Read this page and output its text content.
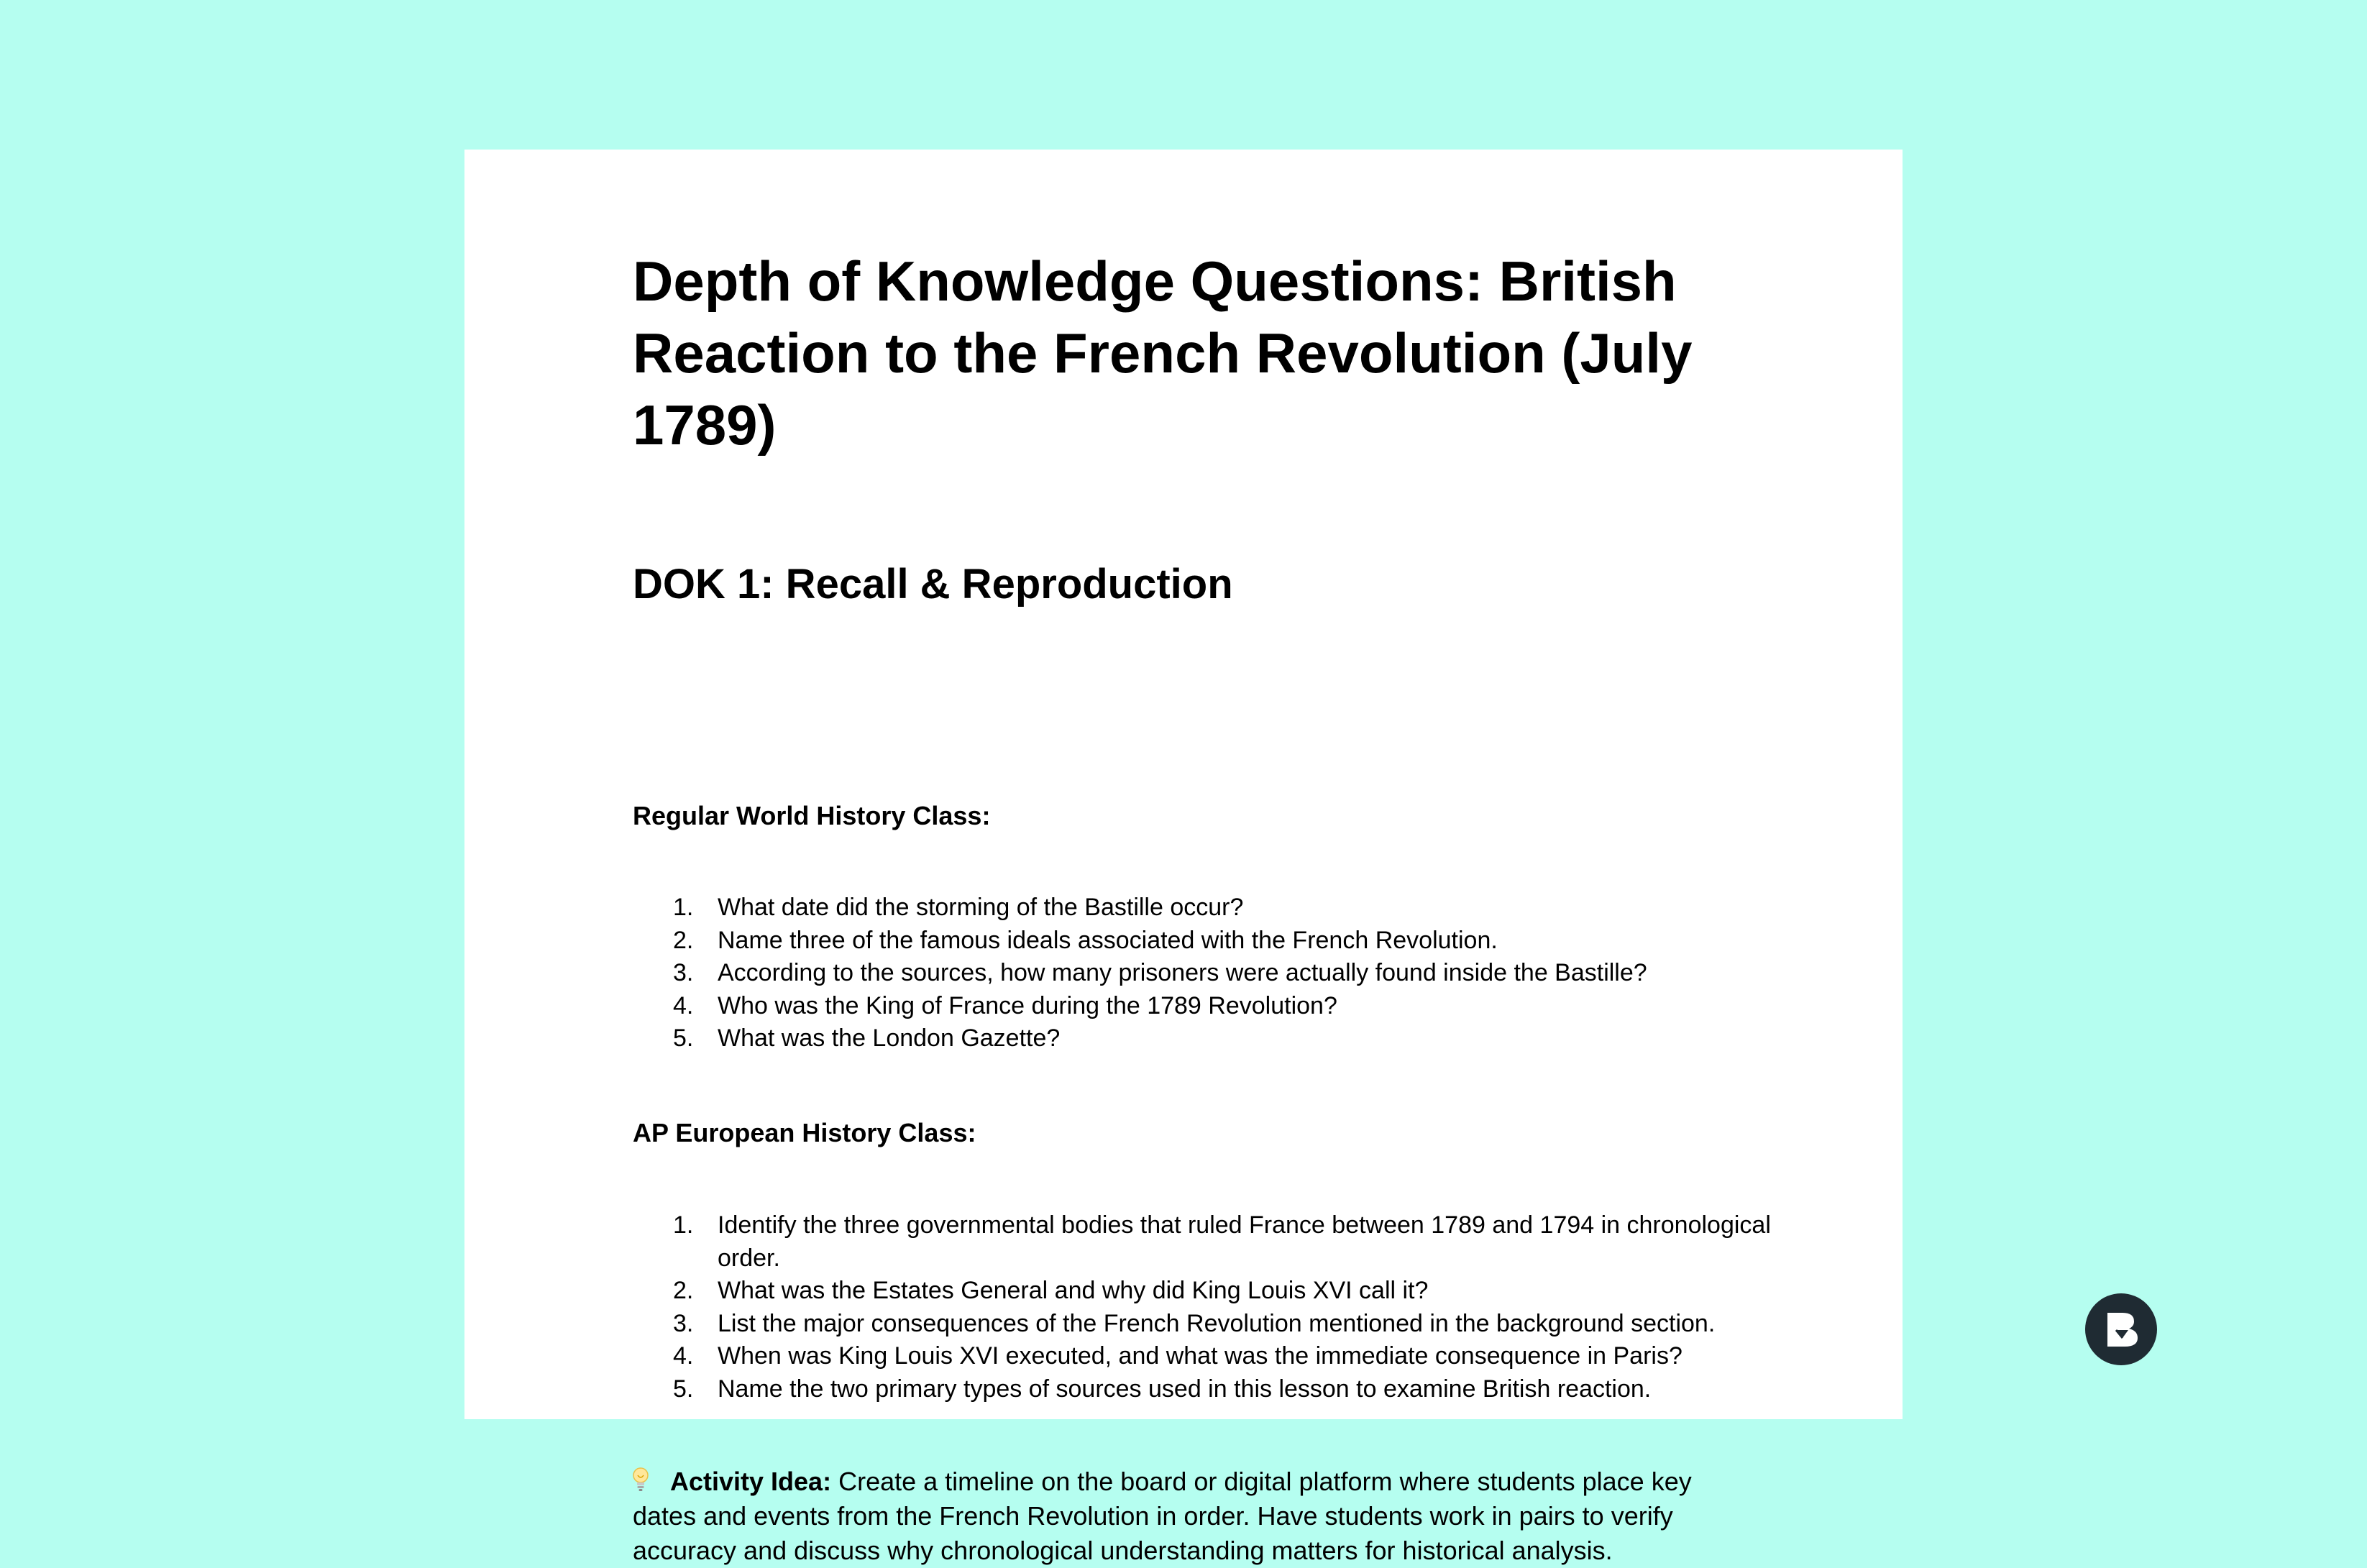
Depth of Knowledge Questions: British Reaction to the French Revolution (July 1789)
DOK 1: Recall & Reproduction
Regular World History Class:
1. What date did the storming of the Bastille occur?
2. Name three of the famous ideals associated with the French Revolution.
3. According to the sources, how many prisoners were actually found inside the Bastille?
4. Who was the King of France during the 1789 Revolution?
5. What was the London Gazette?
AP European History Class:
1. Identify the three governmental bodies that ruled France between 1789 and 1794 in chronological order.
2. What was the Estates General and why did King Louis XVI call it?
3. List the major consequences of the French Revolution mentioned in the background section.
4. When was King Louis XVI executed, and what was the immediate consequence in Paris?
5. Name the two primary types of sources used in this lesson to examine British reaction.

Activity Idea: Create a timeline on the board or digital platform where students place key dates and events from the French Revolution in order. Have students work in pairs to verify accuracy and discuss why chronological understanding matters for historical analysis.
